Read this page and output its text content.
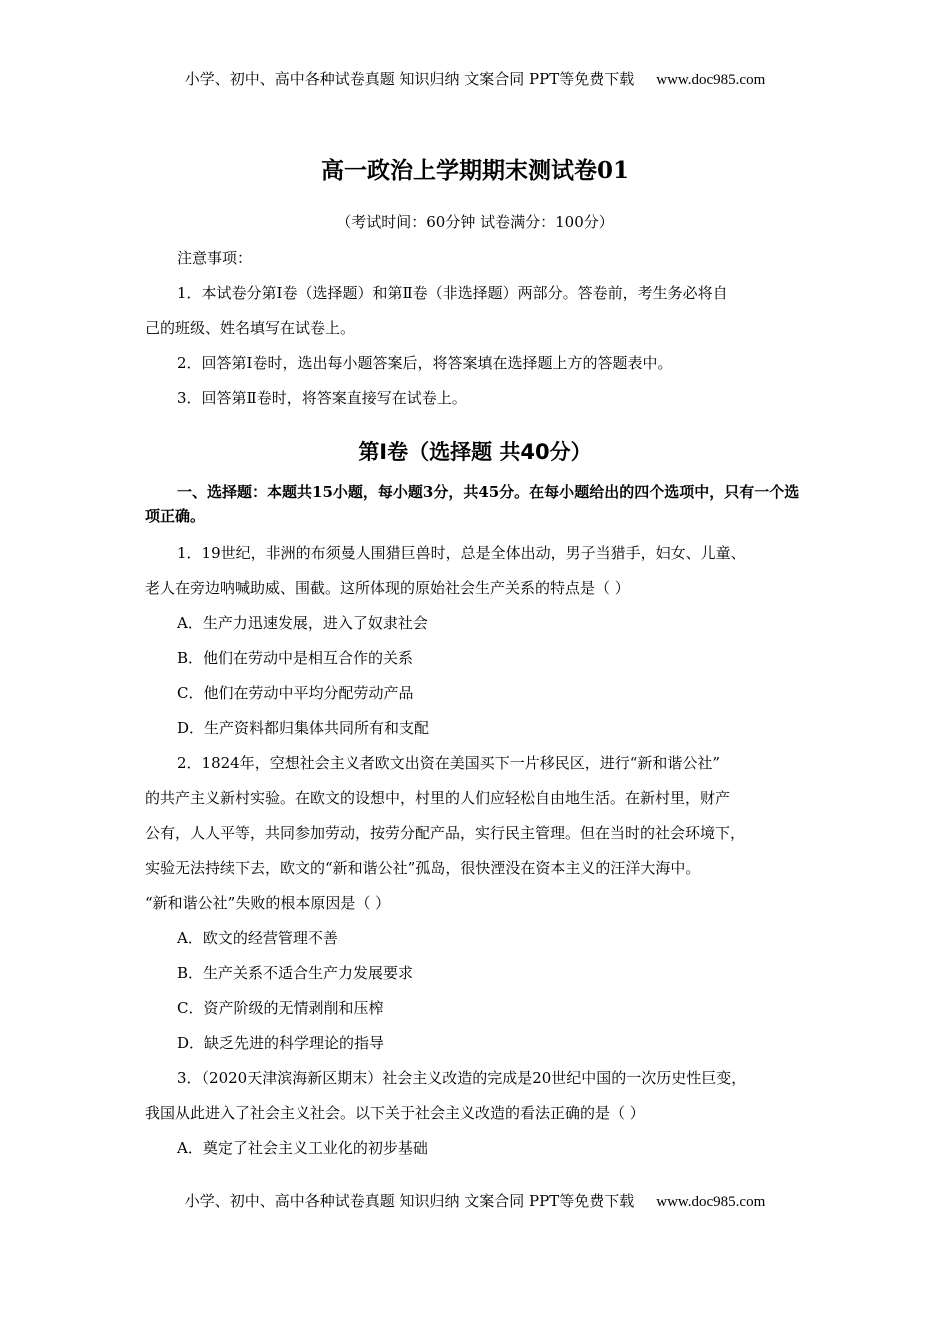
小学、初中、高中各种试卷真题 知识归纳 文案合同 PPT等免费下载 www.doc985.com
高一政治上学期期末测试卷01
（考试时间：60分钟 试卷满分：100分）

注意事项：

1．本试卷分第Ⅰ卷（选择题）和第Ⅱ卷（非选择题）两部分。答卷前，考生务必将自

己的班级、姓名填写在试卷上。

2．回答第Ⅰ卷时，选出每小题答案后，将答案填在选择题上方的答题表中。

3．回答第Ⅱ卷时，将答案直接写在试卷上。

第Ⅰ卷（选择题 共40分）

一、选择题：本题共15小题，每小题3分，共45分。在每小题给出的四个选项中，只有一个选项正确。

1．19世纪，非洲的布须曼人围猎巨兽时，总是全体出动，男子当猎手，妇女、儿童、

老人在旁边呐喊助威、围截。这所体现的原始社会生产关系的特点是（ ）

A．生产力迅速发展，进入了奴隶社会

B．他们在劳动中是相互合作的关系

C．他们在劳动中平均分配劳动产品

D．生产资料都归集体共同所有和支配

2．1824年，空想社会主义者欧文出资在美国买下一片移民区，进行“新和谐公社”

的共产主义新村实验。在欧文的设想中，村里的人们应轻松自由地生活。在新村里，财产

公有，人人平等，共同参加劳动，按劳分配产品，实行民主管理。但在当时的社会环境下，

实验无法持续下去，欧文的“新和谐公社”孤岛，很快湮没在资本主义的汪洋大海中。

“新和谐公社”失败的根本原因是（ ）

A．欧文的经营管理不善

B．生产关系不适合生产力发展要求

C．资产阶级的无情剥削和压榨

D．缺乏先进的科学理论的指导

3．（2020天津滨海新区期末）社会主义改造的完成是20世纪中国的一次历史性巨变，

我国从此进入了社会主义社会。以下关于社会主义改造的看法正确的是（ ）

A．奠定了社会主义工业化的初步基础

小学、初中、高中各种试卷真题 知识归纳 文案合同 PPT等免费下载 www.doc985.com
